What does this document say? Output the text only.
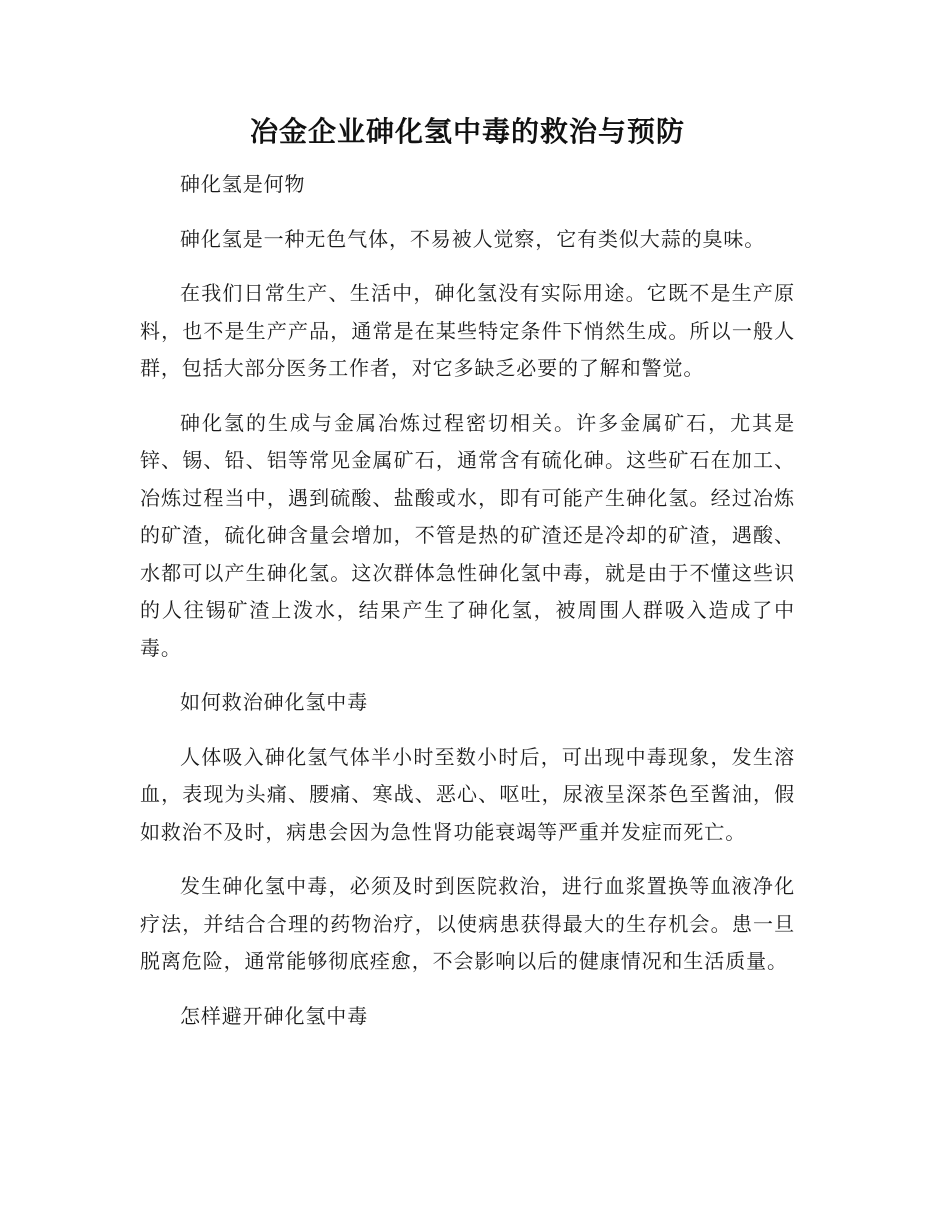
冶金企业砷化氢中毒的救治与预防
砷化氢是何物

砷化氢是一种无色气体，不易被人觉察，它有类似大蒜的臭味。

在我们日常生产、生活中，砷化氢没有实际用途。它既不是生产原料，也不是生产产品，通常是在某些特定条件下悄然生成。所以一般人群，包括大部分医务工作者，对它多缺乏必要的了解和警觉。

砷化氢的生成与金属冶炼过程密切相关。许多金属矿石，尤其是锌、锡、铅、铝等常见金属矿石，通常含有硫化砷。这些矿石在加工、冶炼过程当中，遇到硫酸、盐酸或水，即有可能产生砷化氢。经过冶炼的矿渣，硫化砷含量会增加，不管是热的矿渣还是冷却的矿渣，遇酸、水都可以产生砷化氢。这次群体急性砷化氢中毒，就是由于不懂这些识的人往锡矿渣上泼水，结果产生了砷化氢，被周围人群吸入造成了中毒。

如何救治砷化氢中毒

人体吸入砷化氢气体半小时至数小时后，可出现中毒现象，发生溶血，表现为头痛、腰痛、寒战、恶心、呕吐，尿液呈深茶色至酱油，假如救治不及时，病患会因为急性肾功能衰竭等严重并发症而死亡。

发生砷化氢中毒，必须及时到医院救治，进行血浆置换等血液净化疗法，并结合合理的药物治疗，以使病患获得最大的生存机会。患一旦脱离危险，通常能够彻底痊愈，不会影响以后的健康情况和生活质量。

怎样避开砷化氢中毒
